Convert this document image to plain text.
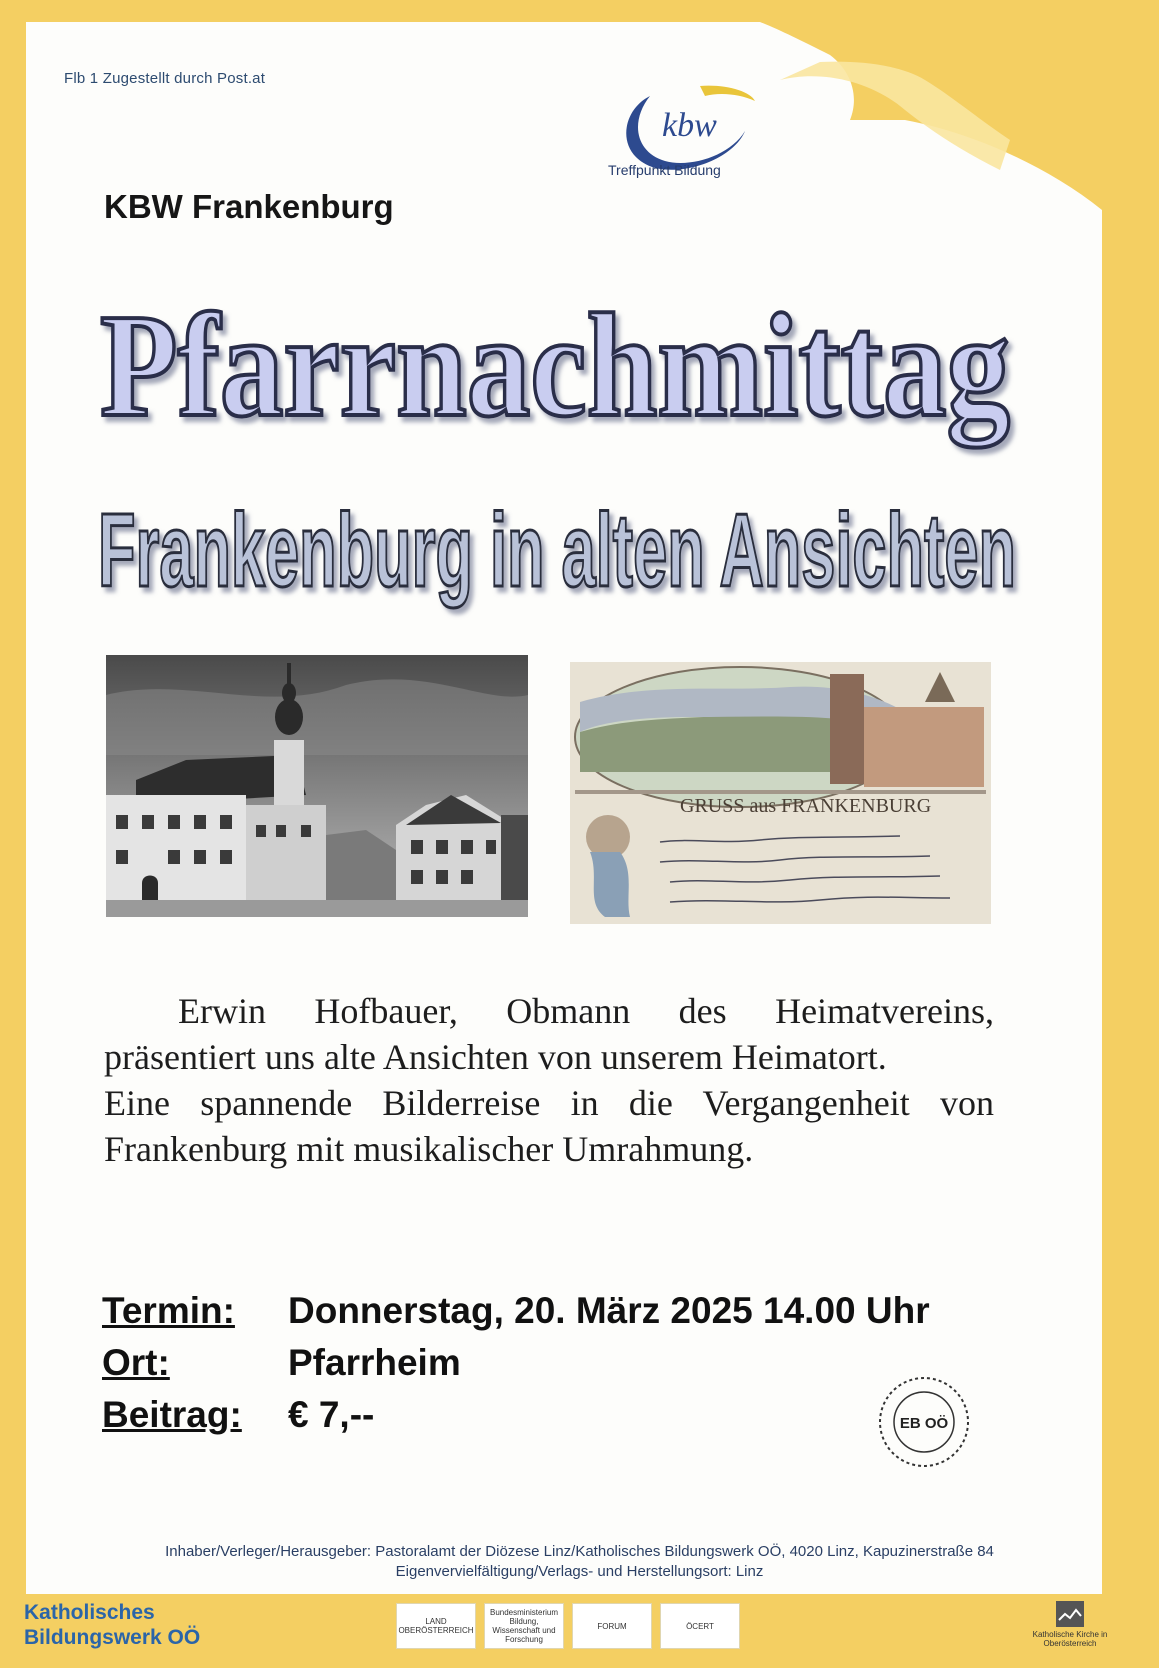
Flb 1 Zugestellt durch Post.at
kbw
Treffpunkt Bildung
KBW Frankenburg
Pfarrnachmittag
Frankenburg in alten Ansichten
GRUSS aus FRANKENBURG

Erwin Hofbauer, Obmann des Heimatvereins, präsentiert uns alte Ansichten von unserem Heimatort.

Eine spannende Bilderreise in die Vergangenheit von Frankenburg mit musikalischer Umrahmung.

Termin:	Donnerstag, 20. März 2025 14.00 Uhr
Ort:	Pfarrheim
Beitrag:	€ 7,--	EB OÖ
Inhaber/Verleger/Herausgeber: Pastoralamt der Diözese Linz/Katholisches Bildungswerk OÖ, 4020 Linz, Kapuzinerstraße 84
Eigenvervielfältigung/Verlags- und Herstellungsort: Linz
Katholisches
Bildungswerk OÖ
LAND OBERÖSTERREICH
Bundesministerium Bildung, Wissenschaft und Forschung
FORUM	ÖCERT
Katholische Kirche in Oberösterreich
